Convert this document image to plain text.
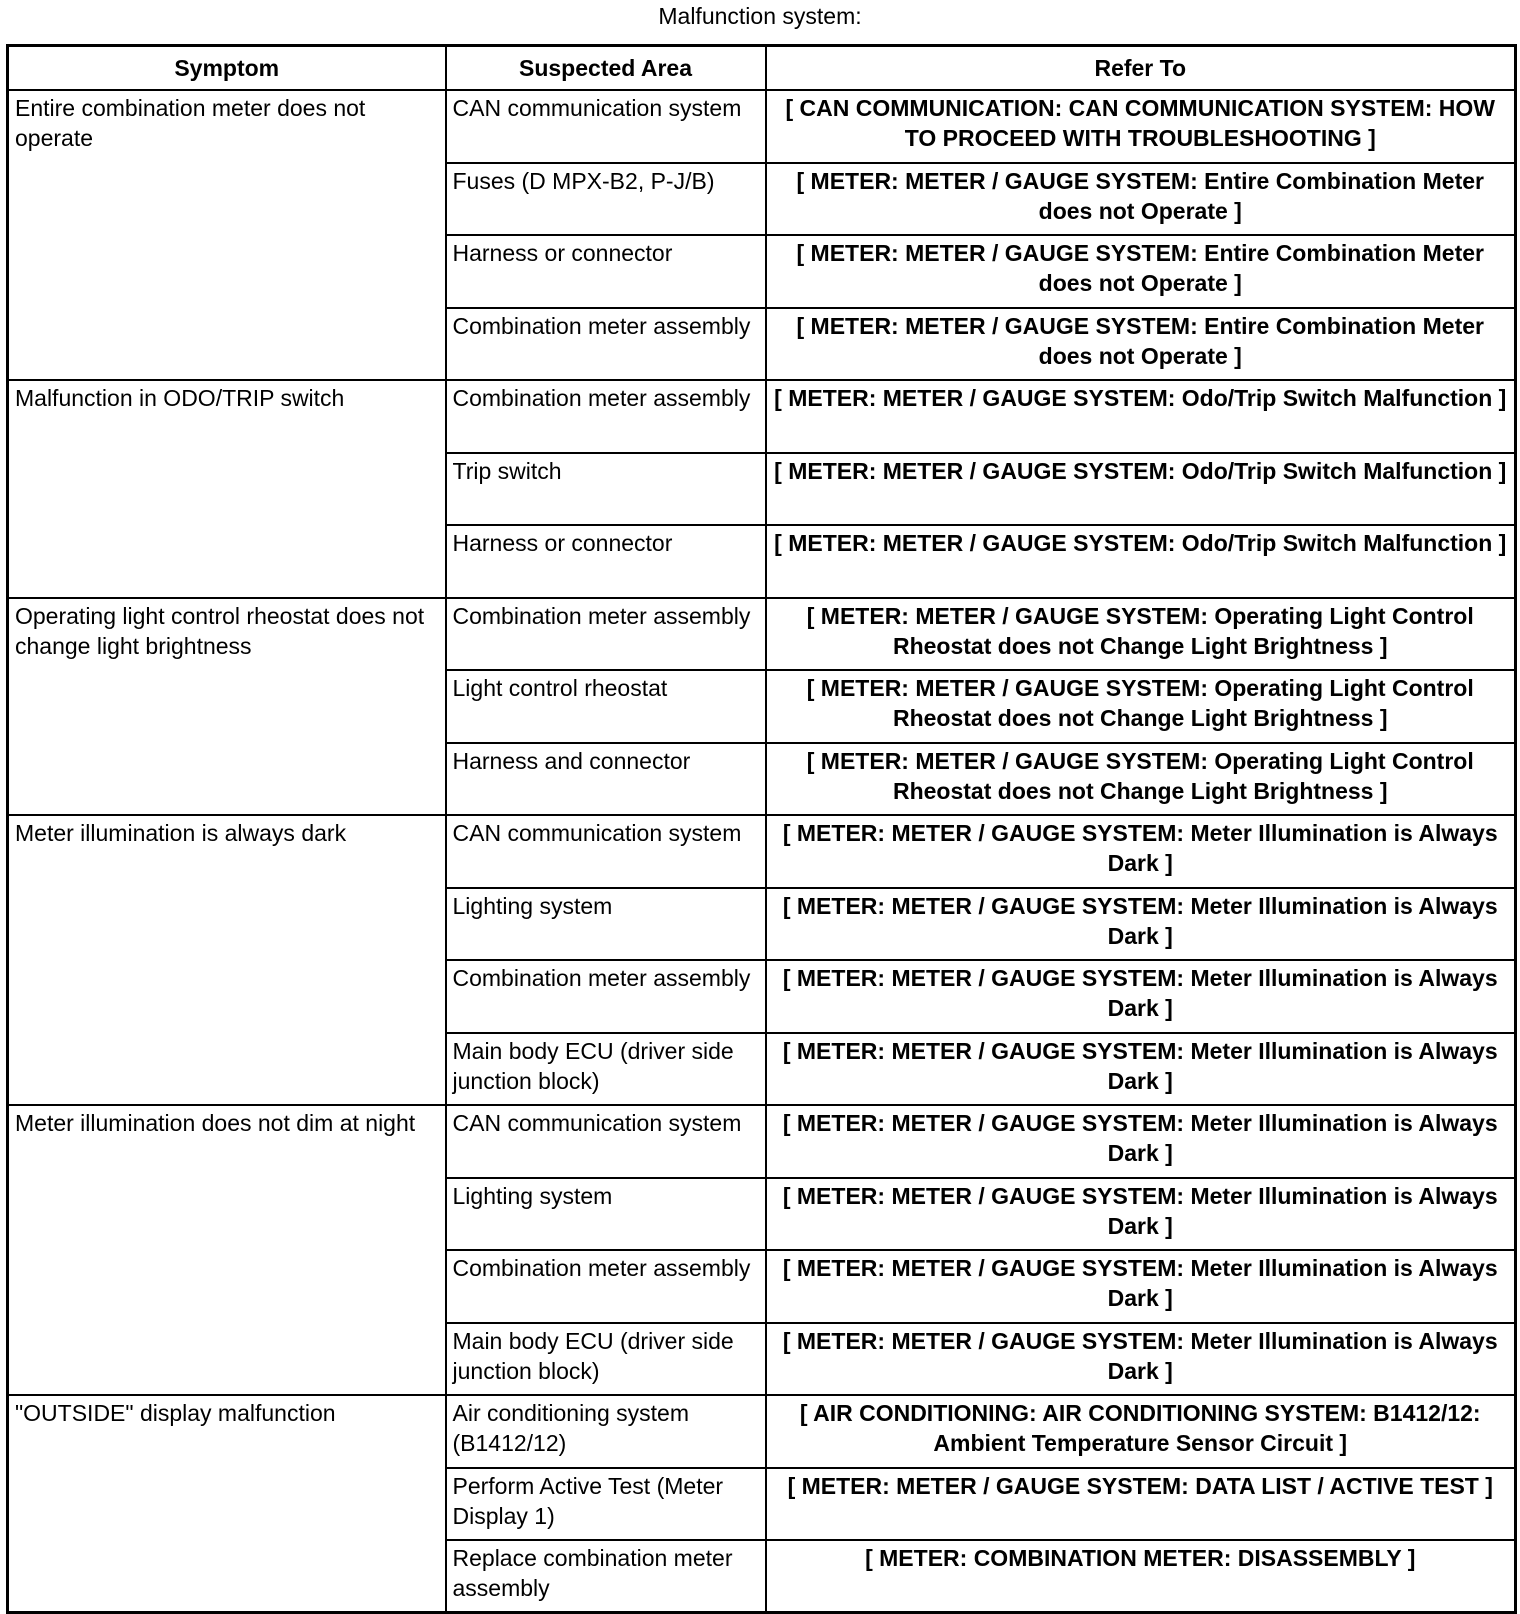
Malfunction system:
Symptom	Suspected Area	Refer To
Entire combination meter does not operate	CAN communication system	[ CAN COMMUNICATION: CAN COMMUNICATION SYSTEM: HOW TO PROCEED WITH TROUBLESHOOTING ]
	Fuses (D MPX-B2, P-J/B)	[ METER: METER / GAUGE SYSTEM: Entire Combination Meter does not Operate ]
	Harness or connector	[ METER: METER / GAUGE SYSTEM: Entire Combination Meter does not Operate ]
	Combination meter assembly	[ METER: METER / GAUGE SYSTEM: Entire Combination Meter does not Operate ]
Malfunction in ODO/TRIP switch	Combination meter assembly	[ METER: METER / GAUGE SYSTEM: Odo/Trip Switch Malfunction ]
	Trip switch	[ METER: METER / GAUGE SYSTEM: Odo/Trip Switch Malfunction ]
	Harness or connector	[ METER: METER / GAUGE SYSTEM: Odo/Trip Switch Malfunction ]
Operating light control rheostat does not change light brightness	Combination meter assembly	[ METER: METER / GAUGE SYSTEM: Operating Light Control Rheostat does not Change Light Brightness ]
	Light control rheostat	[ METER: METER / GAUGE SYSTEM: Operating Light Control Rheostat does not Change Light Brightness ]
	Harness and connector	[ METER: METER / GAUGE SYSTEM: Operating Light Control Rheostat does not Change Light Brightness ]
Meter illumination is always dark	CAN communication system	[ METER: METER / GAUGE SYSTEM: Meter Illumination is Always Dark ]
	Lighting system	[ METER: METER / GAUGE SYSTEM: Meter Illumination is Always Dark ]
	Combination meter assembly	[ METER: METER / GAUGE SYSTEM: Meter Illumination is Always Dark ]
	Main body ECU (driver side junction block)	[ METER: METER / GAUGE SYSTEM: Meter Illumination is Always Dark ]
Meter illumination does not dim at night	CAN communication system	[ METER: METER / GAUGE SYSTEM: Meter Illumination is Always Dark ]
	Lighting system	[ METER: METER / GAUGE SYSTEM: Meter Illumination is Always Dark ]
	Combination meter assembly	[ METER: METER / GAUGE SYSTEM: Meter Illumination is Always Dark ]
	Main body ECU (driver side junction block)	[ METER: METER / GAUGE SYSTEM: Meter Illumination is Always Dark ]
"OUTSIDE" display malfunction	Air conditioning system (B1412/12)	[ AIR CONDITIONING: AIR CONDITIONING SYSTEM: B1412/12: Ambient Temperature Sensor Circuit ]
	Perform Active Test (Meter Display 1)	[ METER: METER / GAUGE SYSTEM: DATA LIST / ACTIVE TEST ]
	Replace combination meter assembly	[ METER: COMBINATION METER: DISASSEMBLY ]
